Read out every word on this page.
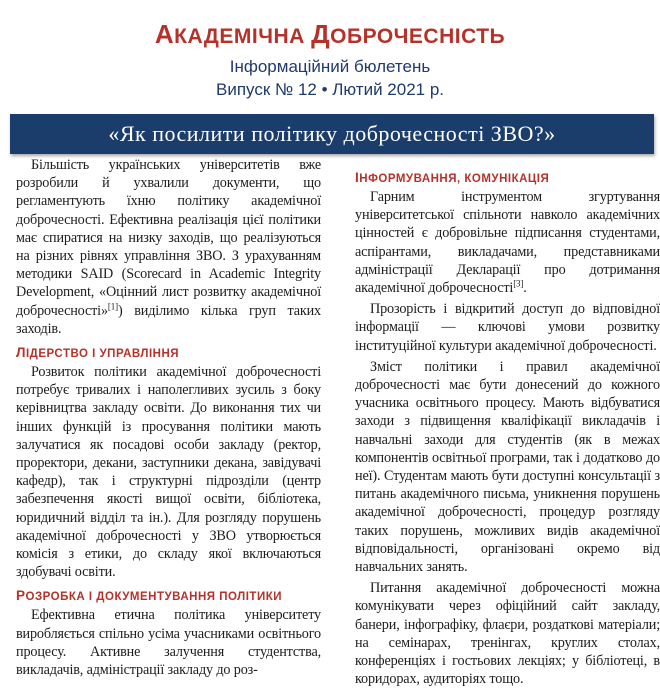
АКАДЕМІЧНА ДОБРОЧЕСНІСТЬ
Інформаційний бюлетень
Випуск № 12 • Лютий 2021 р.
«Як посилити політику доброчесності ЗВО?»

Більшість українських університетів вже розробили й ухвалили документи, що регламентують їхню політику академічної доброчесності. Ефективна реалізація цієї політики має спиратися на низку заходів, що реалізуються на різних рівнях управління ЗВО. З урахуванням методики SAID (Scorecard in Academic Integrity Development, «Оцінний лист розвитку академічної доброчесності»[1]) виділимо кілька груп таких заходів.

ЛІДЕРСТВО І УПРАВЛІННЯ

Розвиток політики академічної доброчесності потребує тривалих і наполегливих зусиль з боку керівництва закладу освіти. До виконання тих чи інших функцій із просування політики мають залучатися як посадові особи закладу (ректор, проректори, декани, заступники декана, завідувачі кафедр), так і структурні підрозділи (центр забезпечення якості вищої освіти, бібліотека, юридичний відділ та ін.). Для розгляду порушень академічної доброчесності у ЗВО утворюється комісія з етики, до складу якої включаються здобувачі освіти.

РОЗРОБКА І ДОКУМЕНТУВАННЯ ПОЛІТИКИ

Ефективна етична політика університету виробляється спільно усіма учасниками освітнього процесу. Активне залучення студентства, викладачів, адміністрації закладу до роз-

ІНФОРМУВАННЯ, КОМУНІКАЦІЯ

Гарним інструментом згуртування університетської спільноти навколо академічних цінностей є добровільне підписання студентами, аспірантами, викладачами, представниками адміністрації Декларації про дотримання академічної доброчесності[3].

Прозорість і відкритий доступ до відповідної інформації — ключові умови розвитку інституційної культури академічної доброчесності.

Зміст політики і правил академічної доброчесності має бути донесений до кожного учасника освітнього процесу. Мають відбуватися заходи з підвищення кваліфікації викладачів і навчальні заходи для студентів (як в межах компонентів освітньої програми, так і додатково до неї). Студентам мають бути доступні консультації з питань академічного письма, уникнення порушень академічної доброчесності, процедур розгляду таких порушень, можливих видів академічної відповідальності, організовані окремо від навчальних занять.

Питання академічної доброчесності можна комунікувати через офіційний сайт закладу, банери, інфографіку, флаєри, роздаткові матеріали; на семінарах, тренінгах, круглих столах, конференціях і гостьових лекціях; у бібліотеці, в коридорах, аудиторіях тощо.
